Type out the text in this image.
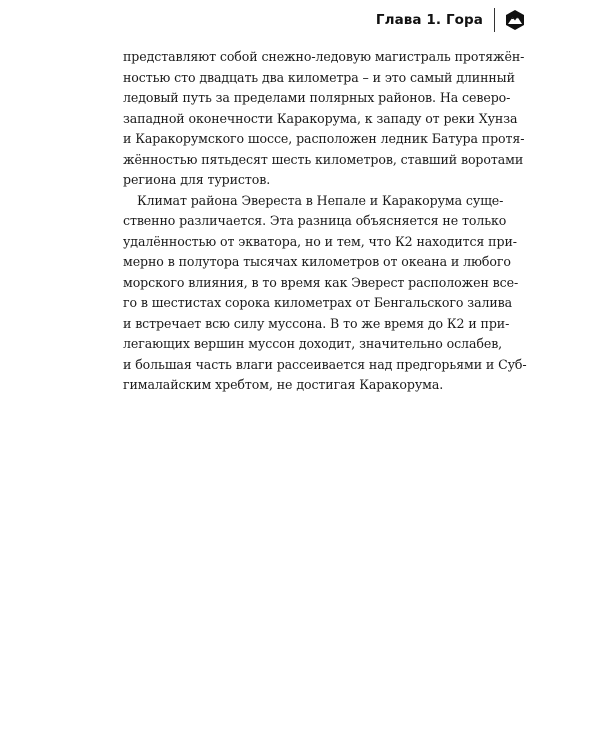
Глава 1. Гора

представляют собой снежно-ледовую магистраль протяжён-
ностью сто двадцать два километра – и это самый длинный
ледовый путь за пределами полярных районов. На северо-
западной оконечности Каракорума, к западу от реки Хунза
и Каракорумского шоссе, расположен ледник Батура протя-
жённостью пятьдесят шесть километров, ставший воротами
региона для туристов.

Климат района Эвереста в Непале и Каракорума суще-
ственно различается. Эта разница объясняется не только
удалённостью от экватора, но и тем, что К2 находится при-
мерно в полутора тысячах километров от океана и любого
морского влияния, в то время как Эверест расположен все-
го в шестистах сорока километрах от Бенгальского залива
и встречает всю силу муссона. В то же время до К2 и при-
легающих вершин муссон доходит, значительно ослабев,
и большая часть влаги рассеивается над предгорьями и Суб-
гималайским хребтом, не достигая Каракорума.
